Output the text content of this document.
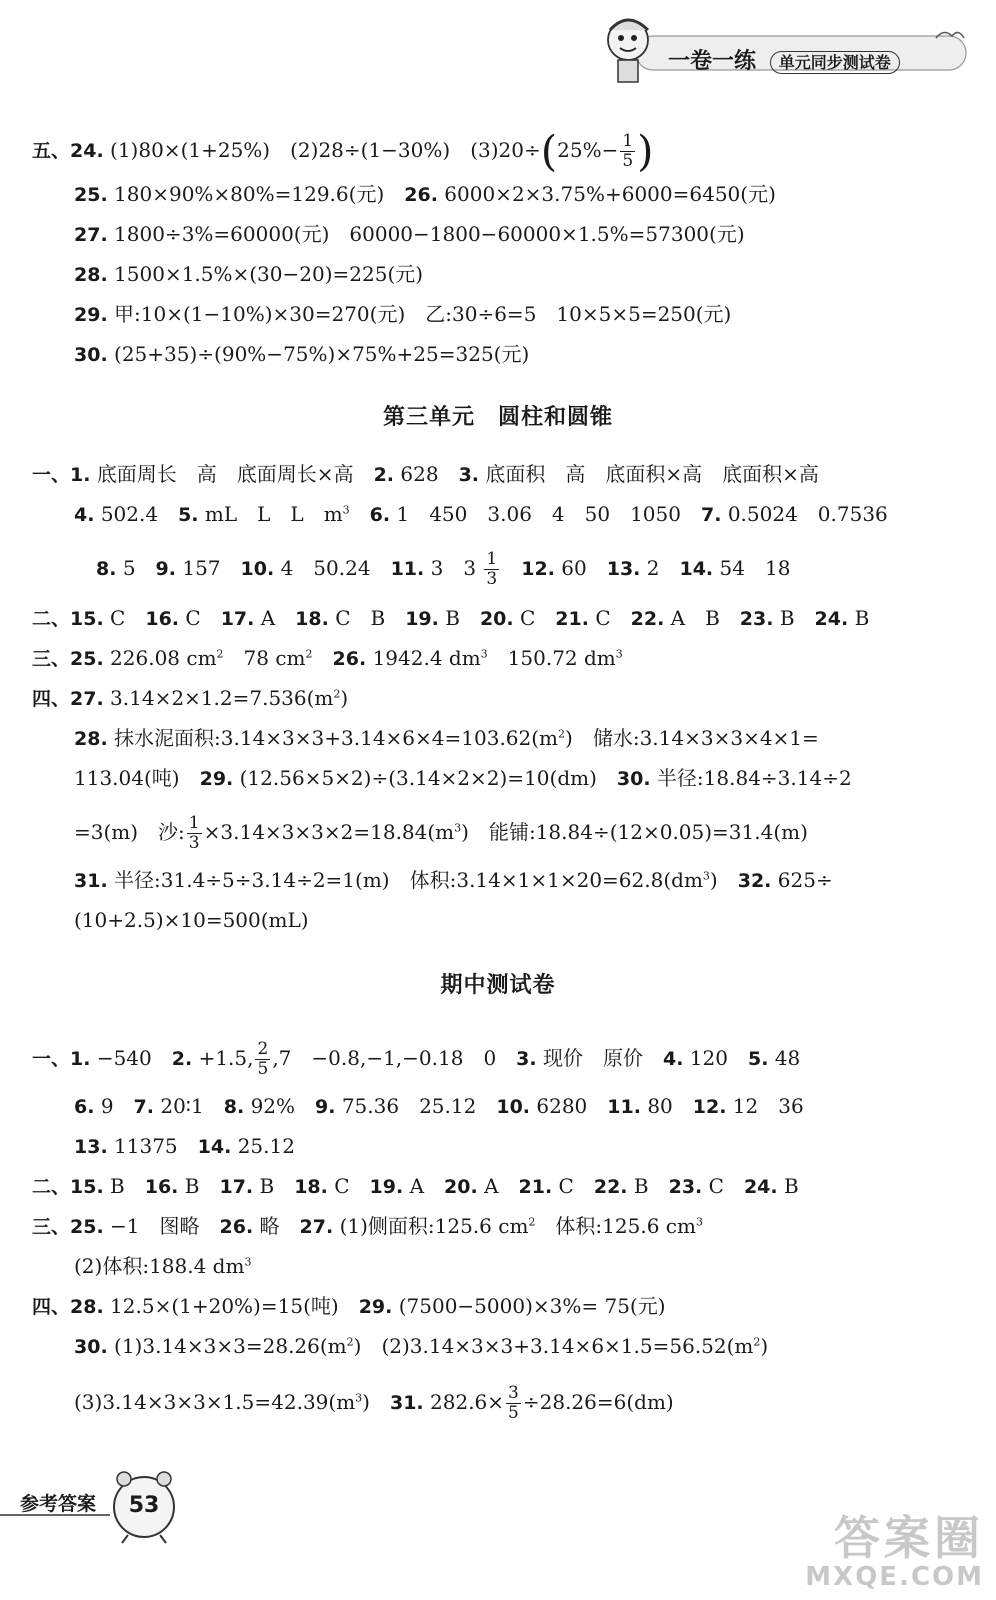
一卷一练 单元同步测试卷
五、24. (1)80×(1+25%)　(2)28÷(1−30%)　$(3)20\div(25\%- \frac{1}{5}$ )
25. 180×90%×80%=129.6(元)　 26. 6000×2×3.75%+6000=6450(元)
27. 1800÷3%=60000(元)　60000−1800−60000×1.5%=57300(元)
28. 1500×1.5%×(30−20)=225(元)
29. 甲:10×(1−10%)×30=270(元)　乙:30÷6=5　10×5×5=250(元)
30. (25+35)÷(90%−75%)×75%+25=325(元)
第三单元　圆柱和圆锥
一、1. 底面周长　高　底面周长×高　 2. 628　 3. 底面积　高　底面积×高　底面积×高
4. 502.4　 5. mL　L　L　$m^3$　 6. 1　450　3.06　4　50　1050　 7. 0.5024　0.7536
8. 5　 9. 157　 10. 4　50.24　 11. 3　$3 \frac{1}{3}$
　 12. 60　 13. 2　 14. 54　18
二、15. C　 16. C　 17. A　 18. C　B　 19. B　 20. C　 21. C　 22. A　B　 23. B　 24. B
三、25. 226.08 $cm^2$　78 $cm^2$　 26. 1942.4 $dm^3$　150.72 $dm^3$
四、27. $3.14\times 2\times 1.2=7.536(m^2)$
28. 抹水泥面积$:3.14\times 3\times 3+3.14\times 6\times 4=103.62(m^2)$　储水:3.14×3×3×4×1=
113.04(吨)　 29. (12.56×5×2)÷(3.14×2×2)=10(dm)　 30. 半径:18.84÷3.14÷2
=3(m)　沙: $\frac{1}{3} \times 3.14\times 3\times 3\times 2=18.84(m^3)$　能铺:18.84÷(12×0.05)=31.4(m)
31. 半径:31.4÷5÷3.14÷2=1(m)　体积$:3.14\times 1\times 1\times 20=62.8(dm^3)$　 32. 625÷
(10+2.5)×10=500(mL)
期中测试卷
一、1. −540　 2. +1.5, $\frac{2}{5} ,7$　−0.8,−1,−0.18　0　 3. 现价　原价　 4. 120　 5. 48
6. 9　 7. 20∶1　 8. 92%　 9. 75.36　25.12　 10. 6280　 11. 80　 12. 12　36
13. 11375　 14. 25.12
二、15. B　 16. B　 17. B　 18. C　 19. A　 20. A　 21. C　 22. B　 23. C　 24. B
三、25. −1　图略　 26. 略　 27. (1)侧面积:125.6 $cm^2$　体积:125.6 $cm^3$
(2)体积:188.4 $dm^3$
四、28. 12.5×(1+20%)=15(吨)　 29. (7500−5000)×3%= 75(元)
30. $(1)3.14\times 3\times 3=28.26(m^2)$　$(2)3.14\times 3\times 3+3.14\times 6\times 1.5=56.52(m^2)$
$(3)3.14\times 3\times 3\times 1.5=42.39(m^3)$　 31. $282.6\times \frac{3}{5} \div 28.26=6(dm)$
参考答案	53
答案圈
MXQE.COM
